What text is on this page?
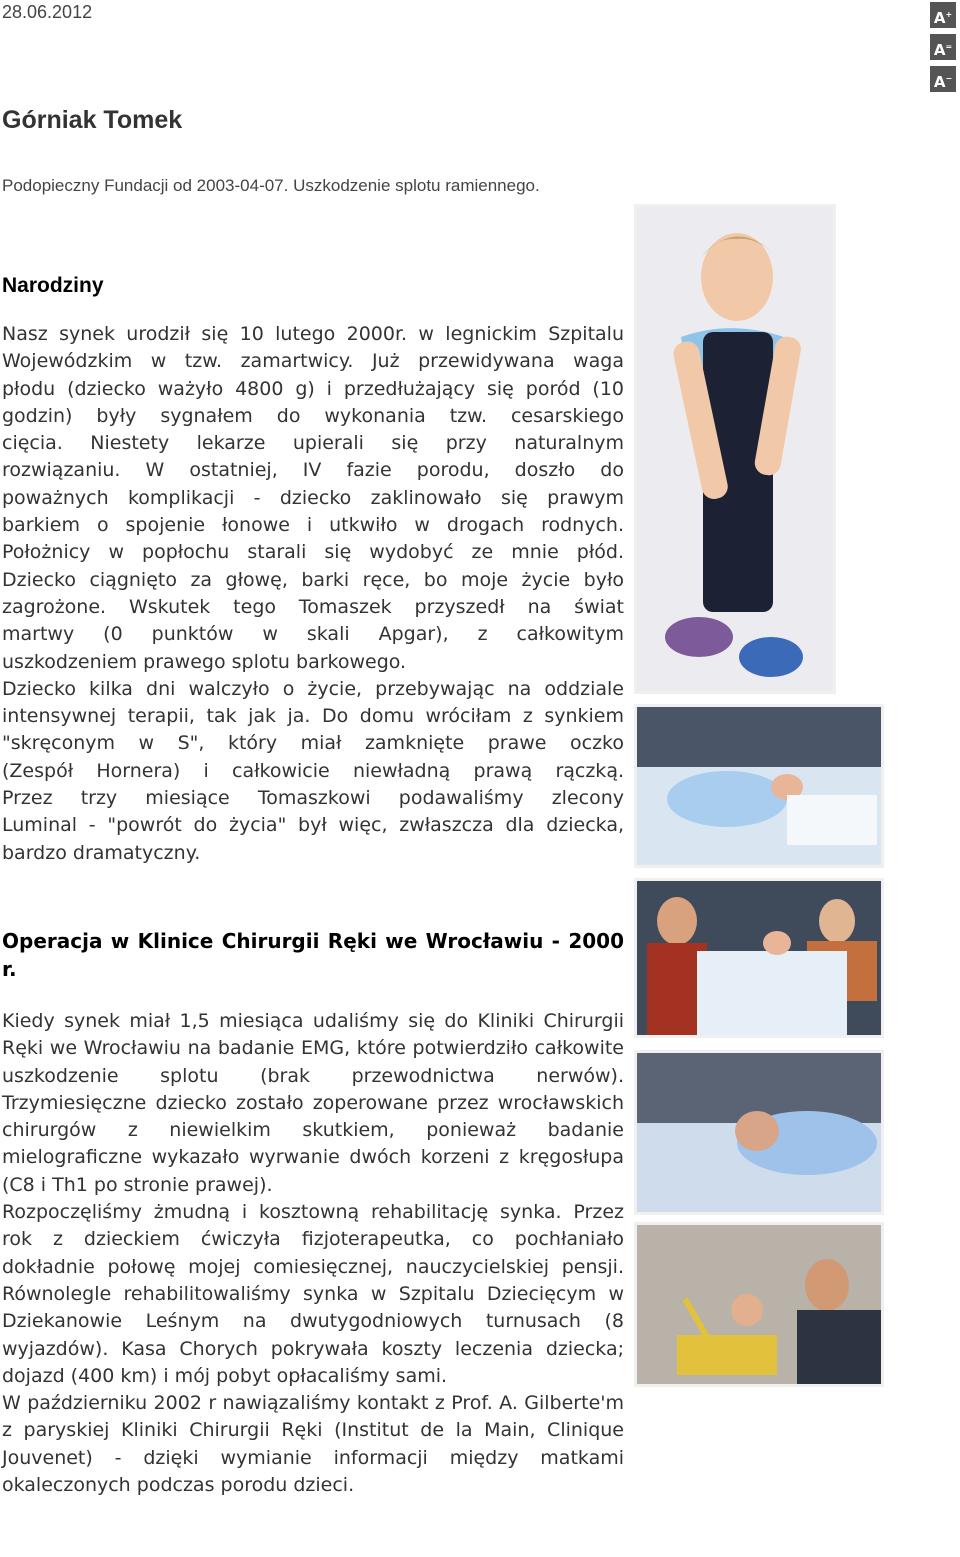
28.06.2012	A+
A=
A−
Górniak Tomek
Podopieczny Fundacji od 2003-04-07. Uszkodzenie splotu ramiennego.
Narodziny
Nasz synek urodził się 10 lutego 2000r. w legnickim Szpitalu
Wojewódzkim w tzw. zamartwicy. Już przewidywana waga
płodu (dziecko ważyło 4800 g) i przedłużający się poród (10
godzin) były sygnałem do wykonania tzw. cesarskiego
cięcia. Niestety lekarze upierali się przy naturalnym
rozwiązaniu. W ostatniej, IV fazie porodu, doszło do
poważnych komplikacji - dziecko zaklinowało się prawym
barkiem o spojenie łonowe i utkwiło w drogach rodnych.
Położnicy w popłochu starali się wydobyć ze mnie płód.
Dziecko ciągnięto za głowę, barki ręce, bo moje życie było
zagrożone. Wskutek tego Tomaszek przyszedł na świat
martwy (0 punktów w skali Apgar), z całkowitym
uszkodzeniem prawego splotu barkowego.
Dziecko kilka dni walczyło o życie, przebywając na oddziale
intensywnej terapii, tak jak ja. Do domu wróciłam z synkiem
"skręconym w S", który miał zamknięte prawe oczko
(Zespół Hornera) i całkowicie niewładną prawą rączką.
Przez trzy miesiące Tomaszkowi podawaliśmy zlecony
Luminal - "powrót do życia" był więc, zwłaszcza dla dziecka,
bardzo dramatyczny.
Operacja w Klinice Chirurgii Ręki we Wrocławiu - 2000 r.

Kiedy synek miał 1,5 miesiąca udaliśmy się do Kliniki Chirurgii Ręki we Wrocławiu na badanie EMG, które potwierdziło całkowite uszkodzenie splotu (brak przewodnictwa nerwów). Trzymiesięczne dziecko zostało zoperowane przez wrocławskich chirurgów z niewielkim skutkiem, ponieważ badanie mielograficzne wykazało wyrwanie dwóch korzeni z kręgosłupa (C8 i Th1 po stronie prawej).

Rozpoczęliśmy żmudną i kosztowną rehabilitację synka. Przez rok z dzieckiem ćwiczyła fizjoterapeutka, co pochłaniało dokładnie połowę mojej comiesięcznej, nauczycielskiej pensji. Równolegle rehabilitowaliśmy synka w Szpitalu Dziecięcym w Dziekanowie Leśnym na dwutygodniowych turnusach (8 wyjazdów). Kasa Chorych pokrywała koszty leczenia dziecka; dojazd (400 km) i mój pobyt opłacaliśmy sami.

W październiku 2002 r nawiązaliśmy kontakt z Prof. A. Gilberte'm z paryskiej Kliniki Chirurgii Ręki (Institut de la Main, Clinique Jouvenet) - dzięki wymianie informacji między matkami okaleczonych podczas porodu dzieci.
